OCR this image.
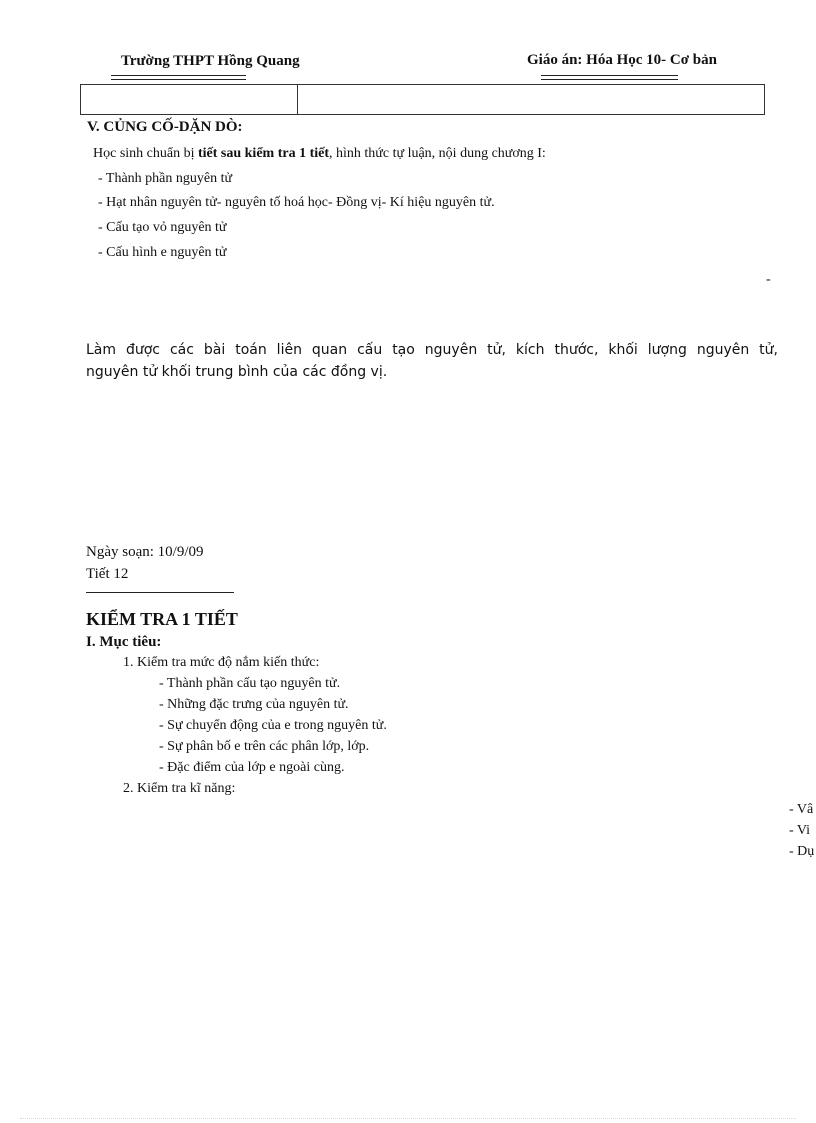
Trường THPT Hồng Quang	Giáo án: Hóa Học 10- Cơ bản
V. CỦNG CỐ-DẶN DÒ:
Học sinh chuẩn bị tiết sau kiểm tra 1 tiết, hình thức tự luận, nội dung chương I:
- Thành phần nguyên tử
- Hạt nhân nguyên tử- nguyên tố hoá học- Đồng vị- Kí hiệu nguyên tử.
- Cấu tạo vỏ nguyên tử
- Cấu hình e nguyên tử
-
Làm được các bài toán liên quan cấu tạo nguyên tử, kích thước, khối lượng nguyên tử,
nguyên tử khối trung bình của các đồng vị.
Ngày soạn: 10/9/09
Tiết 12
KIỂM TRA 1 TIẾT
I. Mục tiêu:
1. Kiểm tra mức độ nắm kiến thức:
- Thành phần cấu tạo nguyên tử.
- Những đặc trưng của nguyên tử.
- Sự chuyển động của e trong nguyên tử.
- Sự phân bố e trên các phân lớp, lớp.
- Đặc điểm của lớp e ngoài cùng.
2. Kiểm tra kĩ năng:
- Vâ
- Vi
- Dụ
